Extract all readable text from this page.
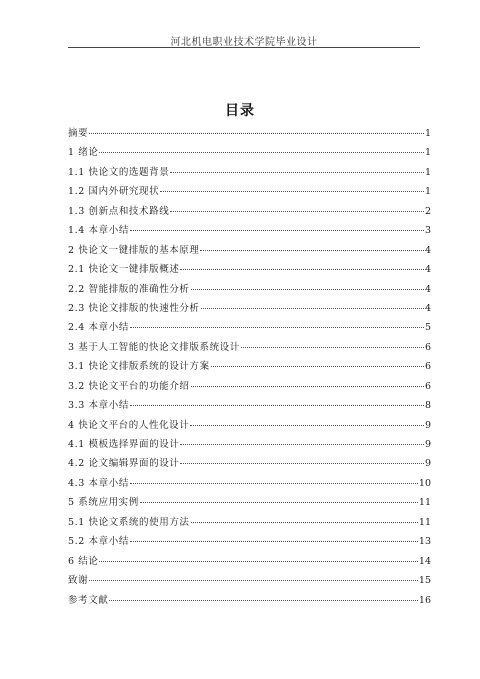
河北机电职业技术学院毕业设计
目录
摘要	1
1 绪论	1
1.1 快论文的选题背景	1
1.2 国内外研究现状	1
1.3 创新点和技术路线	2
1.4 本章小结	3
2 快论文一键排版的基本原理	4
2.1 快论文一键排版概述	4
2.2 智能排版的准确性分析	4
2.3 快论文排版的快速性分析	4
2.4 本章小结	5
3 基于人工智能的快论文排版系统设计	6
3.1 快论文排版系统的设计方案	6
3.2 快论文平台的功能介绍	6
3.3 本章小结	8
4 快论文平台的人性化设计	9
4.1 模板选择界面的设计	9
4.2 论文编辑界面的设计	9
4.3 本章小结	10
5 系统应用实例	11
5.1 快论文系统的使用方法	11
5.2 本章小结	13
6 结论	14
致谢	15
参考文献	16
